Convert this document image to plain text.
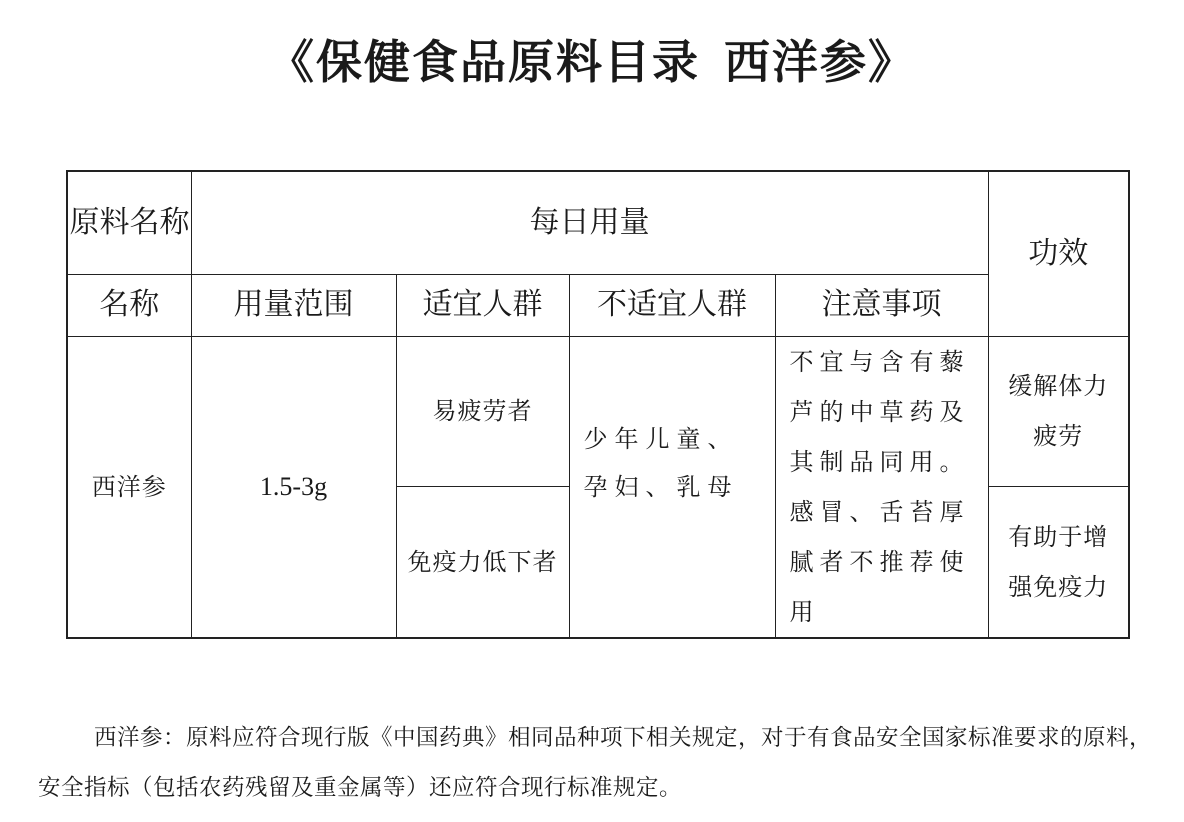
《保健食品原料目录 西洋参》
原料名称	每日用量				功效
名称	用量范围	适宜人群	不适宜人群	注意事项	
西洋参	1.5-3g	易疲劳者	少年儿童、孕妇、乳母	不宜与含有藜芦的中草药及其制品同用。感冒、舌苔厚腻者不推荐使用	缓解体力疲劳

		免疫力低下者			有助于增强免疫力

西洋参：原料应符合现行版《中国药典》相同品种项下相关规定，对于有食品安全国家标准要求的原料，安全指标（包括农药残留及重金属等）还应符合现行标准规定。
